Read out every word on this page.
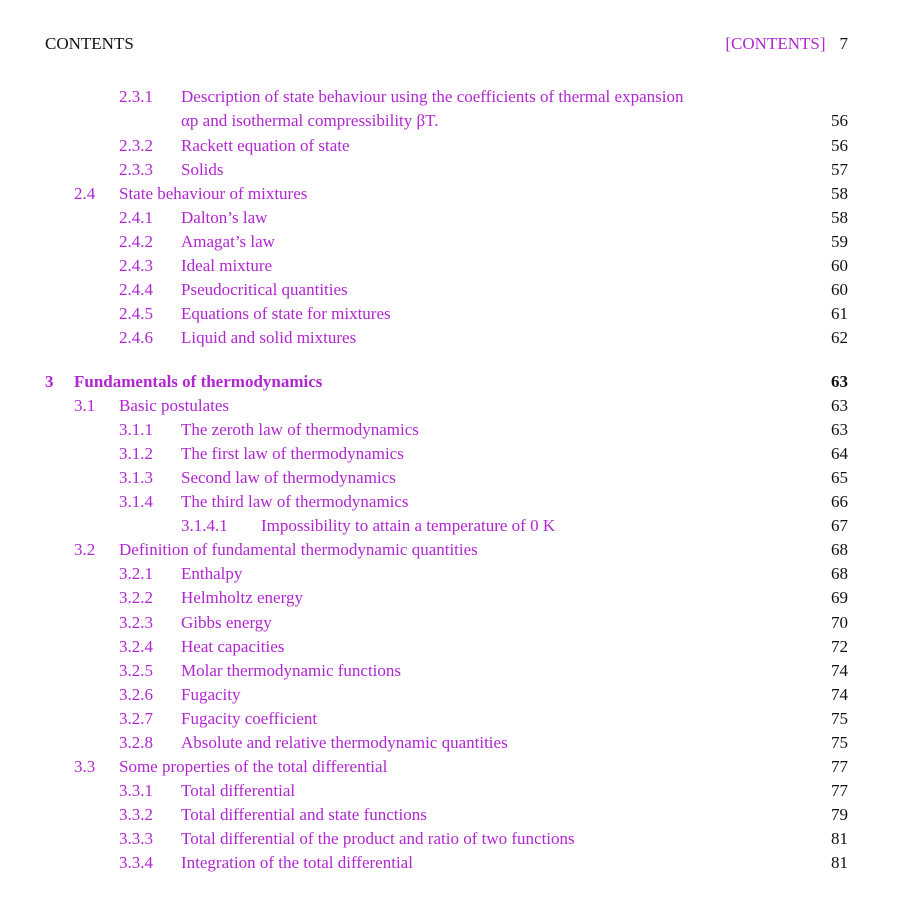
CONTENTS	[CONTENTS] 7
2.3.1 Description of state behaviour using the coefficients of thermal expansion
αp and isothermal compressibility βT.	56
2.3.2 Rackett equation of state	56
2.3.3 Solids	57
2.4 State behaviour of mixtures	58
2.4.1 Dalton’s law	58
2.4.2 Amagat’s law	59
2.4.3 Ideal mixture	60
2.4.4 Pseudocritical quantities	60
2.4.5 Equations of state for mixtures	61
2.4.6 Liquid and solid mixtures	62
3 Fundamentals of thermodynamics	63
3.1 Basic postulates	63
3.1.1 The zeroth law of thermodynamics	63
3.1.2 The first law of thermodynamics	64
3.1.3 Second law of thermodynamics	65
3.1.4 The third law of thermodynamics	66
3.1.4.1 Impossibility to attain a temperature of 0 K	67
3.2 Definition of fundamental thermodynamic quantities	68
3.2.1 Enthalpy	68
3.2.2 Helmholtz energy	69
3.2.3 Gibbs energy	70
3.2.4 Heat capacities	72
3.2.5 Molar thermodynamic functions	74
3.2.6 Fugacity	74
3.2.7 Fugacity coefficient	75
3.2.8 Absolute and relative thermodynamic quantities	75
3.3 Some properties of the total differential	77
3.3.1 Total differential	77
3.3.2 Total differential and state functions	79
3.3.3 Total differential of the product and ratio of two functions	81
3.3.4 Integration of the total differential	81
